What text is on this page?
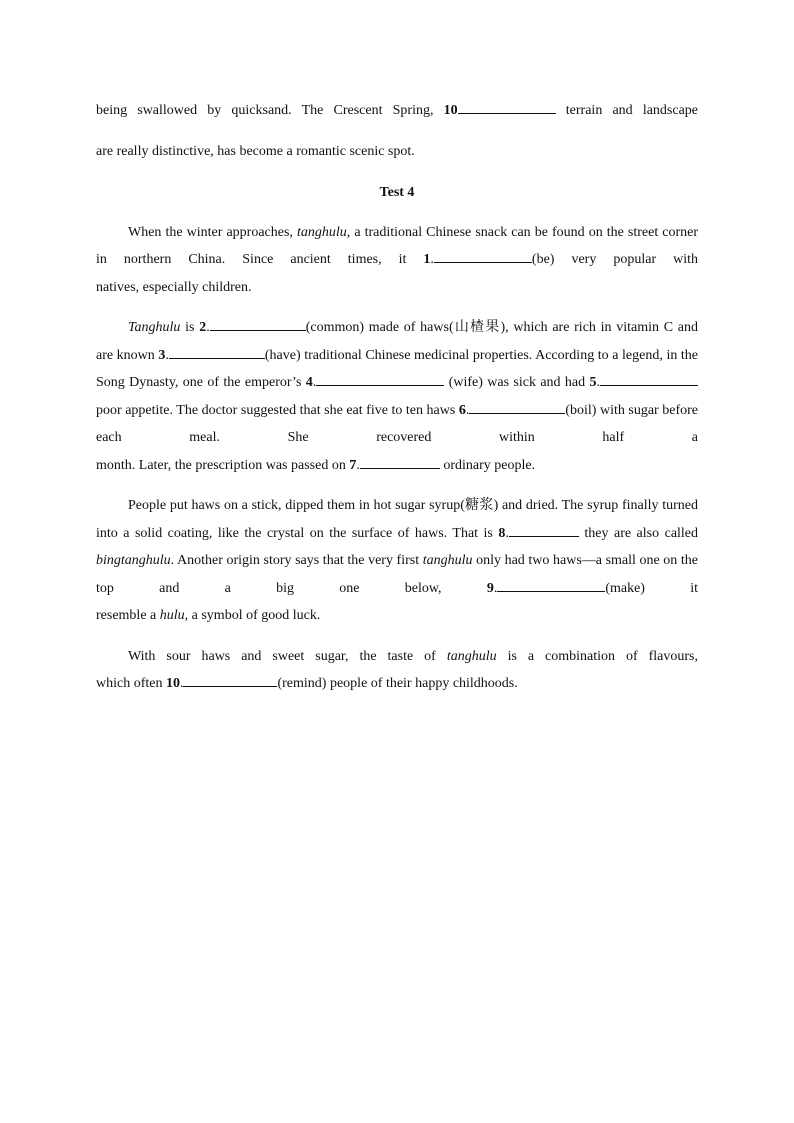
being swallowed by quicksand. The Crescent Spring, 10	terrain and landscape

are really distinctive, has become a romantic scenic spot.

Test 4

When the winter approaches, tanghulu, a traditional Chinese snack can be found on the street corner in northern China. Since ancient times, it 1.	(be) very popular with

natives, especially children.

Tanghulu is 2.	(common) made of haws(山楂果), which are rich in vitamin C and are known 3.	(have) traditional Chinese medicinal properties. According to a legend, in the Song Dynasty, one of the emperor’s 4.	(wife) was sick and had 5. poor appetite. The doctor suggested that she eat five to ten haws 6.	(boil) with sugar before each meal. She recovered within half a

month. Later, the prescription was passed on 7.	ordinary people.

People put haws on a stick, dipped them in hot sugar syrup(糖浆) and dried. The syrup finally turned into a solid coating, like the crystal on the surface of haws. That is 8.	they are also called bingtanghulu. Another origin story says that the very first tanghulu only had two haws—a small one on the top and a big one below,	9.	(make) it

resemble a hulu, a symbol of good luck.

With sour haws and sweet sugar, the taste of tanghulu is a combination of flavours,

which often 10.	(remind) people of their happy childhoods.
